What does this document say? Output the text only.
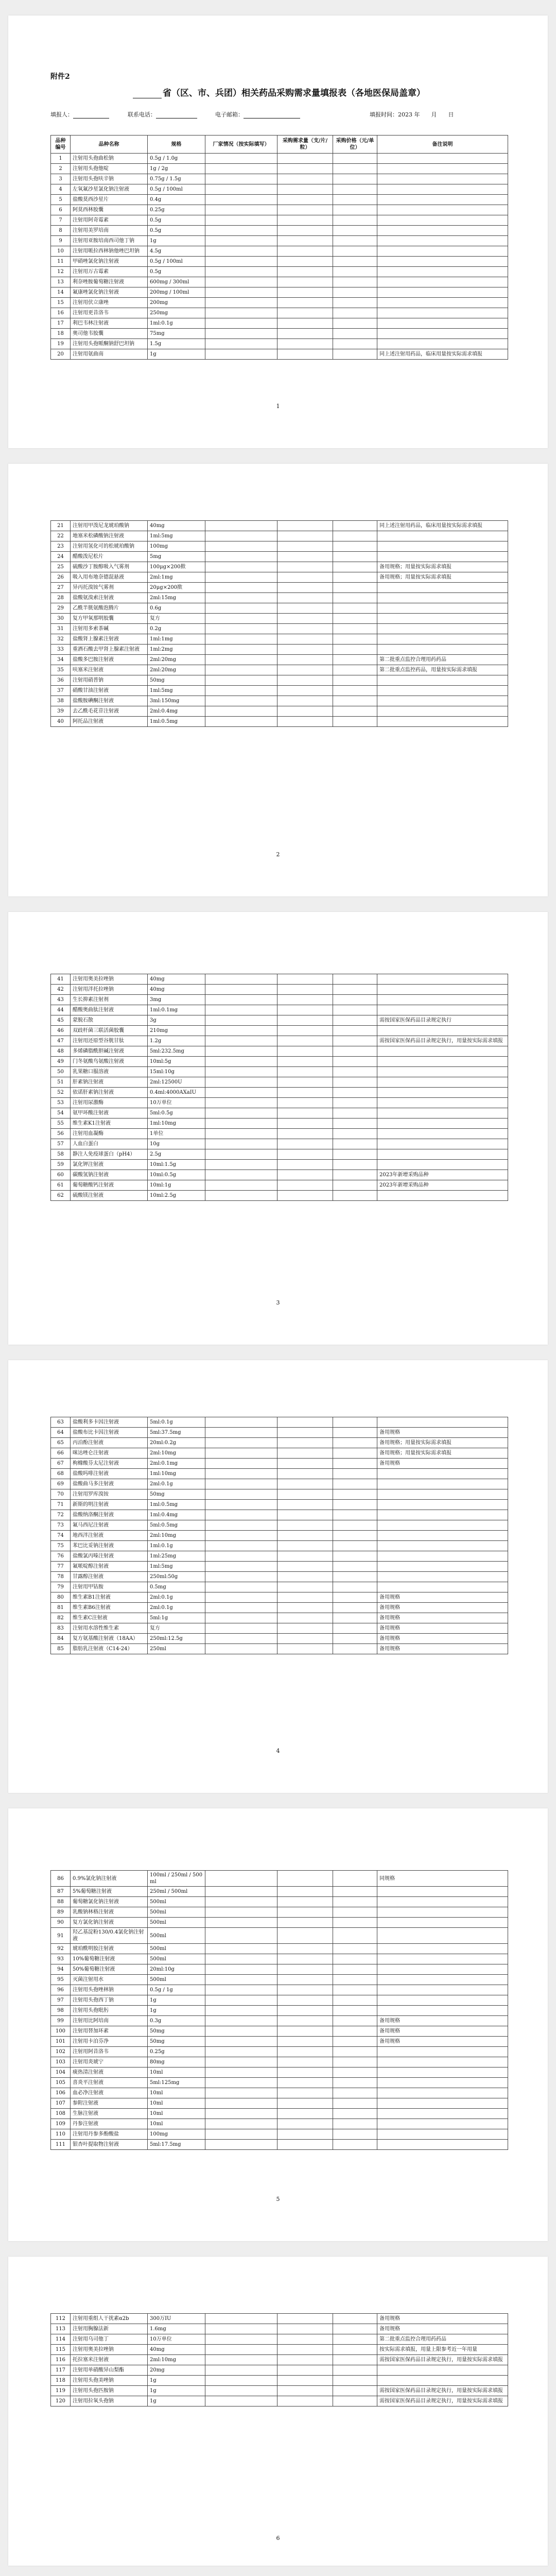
附件2
省（区、市、兵团）相关药品采购需求量填报表（各地医保局盖章）
填报人：	联系电话：	电子邮箱：	填报时间：2023 年　　月　　日
品种编号	品种名称	规格	厂家情况（按实际填写）	采购需求量（支/片/粒）	采购价格（元/单位）	备注说明
1	注射用头孢曲松钠	0.5g / 1.0g				
2	注射用头孢他啶	1g / 2g				
3	注射用头孢呋辛钠	0.75g / 1.5g				
4	左氧氟沙星氯化钠注射液	0.5g / 100ml				
5	盐酸莫西沙星片	0.4g				
6	阿莫西林胶囊	0.25g				
7	注射用阿奇霉素	0.5g				
8	注射用美罗培南	0.5g				
9	注射用亚胺培南西司他丁钠	1g				
10	注射用哌拉西林钠他唑巴坦钠	4.5g				
11	甲硝唑氯化钠注射液	0.5g / 100ml				
12	注射用万古霉素	0.5g				
13	利奈唑胺葡萄糖注射液	600mg / 300ml				
14	氟康唑氯化钠注射液	200mg / 100ml				
15	注射用伏立康唑	200mg				
16	注射用更昔洛韦	250mg				
17	利巴韦林注射液	1ml:0.1g				
18	奥司他韦胶囊	75mg				
19	注射用头孢哌酮钠舒巴坦钠	1.5g				
20	注射用氨曲南	1g				同上述注射用药品，临床用量按实际需求填报
1
21	注射用甲泼尼龙琥珀酸钠	40mg				同上述注射用药品，临床用量按实际需求填报
22	地塞米松磷酸钠注射液	1ml:5mg				
23	注射用氢化可的松琥珀酸钠	100mg				
24	醋酸泼尼松片	5mg				
25	硫酸沙丁胺醇吸入气雾剂	100μg×200揿				备用规格；用量按实际需求填报
26	吸入用布地奈德混悬液	2ml:1mg				备用规格；用量按实际需求填报
27	异丙托溴铵气雾剂	20μg×200揿				
28	盐酸氨溴索注射液	2ml:15mg				
29	乙酰半胱氨酸泡腾片	0.6g				
30	复方甲氧那明胶囊	复方				
31	注射用多索茶碱	0.2g				
32	盐酸肾上腺素注射液	1ml:1mg				
33	重酒石酸去甲肾上腺素注射液	1ml:2mg				
34	盐酸多巴胺注射液	2ml:20mg				第二批重点监控合理用药药品
35	呋塞米注射液	2ml:20mg				第二批重点监控药品，用量按实际需求填报
36	注射用硝普钠	50mg				
37	硝酸甘油注射液	1ml:5mg				
38	盐酸胺碘酮注射液	3ml:150mg				
39	去乙酰毛花苷注射液	2ml:0.4mg				
40	阿托品注射液	1ml:0.5mg				
2
41	注射用奥美拉唑钠	40mg				
42	注射用泮托拉唑钠	40mg				
43	生长抑素注射剂	3mg				
44	醋酸奥曲肽注射液	1ml:0.1mg				
45	蒙脱石散	3g				需按国家医保药品目录规定执行
46	双歧杆菌三联活菌胶囊	210mg				
47	注射用还原型谷胱甘肽	1.2g				需按国家医保药品目录规定执行，用量按实际需求填报
48	多烯磷脂酰胆碱注射液	5ml:232.5mg				
49	门冬氨酸鸟氨酸注射液	10ml:5g				
50	乳果糖口服溶液	15ml:10g				
51	肝素钠注射液	2ml:12500U				
52	依诺肝素钠注射液	0.4ml:4000AXaIU				
53	注射用尿激酶	10万单位				
54	氨甲环酸注射液	5ml:0.5g				
55	维生素K1注射液	1ml:10mg				
56	注射用血凝酶	1单位				
57	人血白蛋白	10g				
58	静注人免疫球蛋白（pH4）	2.5g				
59	氯化钾注射液	10ml:1.5g				
60	碳酸氢钠注射液	10ml:0.5g				2023年新增采购品种
61	葡萄糖酸钙注射液	10ml:1g				2023年新增采购品种
62	硫酸镁注射液	10ml:2.5g				
3
63	盐酸利多卡因注射液	5ml:0.1g				
64	盐酸布比卡因注射液	5ml:37.5mg				备用规格
65	丙泊酚注射液	20ml:0.2g				备用规格；用量按实际需求填报
66	咪达唑仑注射液	2ml:10mg				备用规格；用量按实际需求填报
67	枸橼酸芬太尼注射液	2ml:0.1mg				备用规格
68	盐酸吗啡注射液	1ml:10mg				
69	盐酸曲马多注射液	2ml:0.1g				
70	注射用罗库溴铵	50mg				
71	新斯的明注射液	1ml:0.5mg				
72	盐酸纳洛酮注射液	1ml:0.4mg				
73	氟马西尼注射液	5ml:0.5mg				
74	地西泮注射液	2ml:10mg				
75	苯巴比妥钠注射液	1ml:0.1g				
76	盐酸氯丙嗪注射液	1ml:25mg				
77	氟哌啶醇注射液	1ml:5mg				
78	甘露醇注射液	250ml:50g				
79	注射用甲钴胺	0.5mg				
80	维生素B1注射液	2ml:0.1g				备用规格
81	维生素B6注射液	2ml:0.1g				备用规格
82	维生素C注射液	5ml:1g				备用规格
83	注射用水溶性维生素	复方				备用规格
84	复方氨基酸注射液（18AA）	250ml:12.5g				备用规格
85	脂肪乳注射液（C14-24）	250ml				备用规格
4
86	0.9%氯化钠注射液	100ml / 250ml / 500ml				同规格
87	5%葡萄糖注射液	250ml / 500ml				
88	葡萄糖氯化钠注射液	500ml				
89	乳酸钠林格注射液	500ml				
90	复方氯化钠注射液	500ml				
91	羟乙基淀粉130/0.4氯化钠注射液	500ml				
92	琥珀酰明胶注射液	500ml				
93	10%葡萄糖注射液	500ml				
94	50%葡萄糖注射液	20ml:10g				
95	灭菌注射用水	500ml				
96	注射用头孢唑林钠	0.5g / 1g				
97	注射用头孢西丁钠	1g				
98	注射用头孢吡肟	1g				
99	注射用比阿培南	0.3g				备用规格
100	注射用替加环素	50mg				备用规格
101	注射用卡泊芬净	50mg				备用规格
102	注射用阿昔洛韦	0.25g				
103	注射用炎琥宁	80mg				
104	痰热清注射液	10ml				
105	喜炎平注射液	5ml:125mg				
106	血必净注射液	10ml				
107	参附注射液	10ml				
108	生脉注射液	10ml				
109	丹参注射液	10ml				
110	注射用丹参多酚酸盐	100mg				
111	银杏叶提取物注射液	5ml:17.5mg				
5
112	注射用重组人干扰素α2b	300万IU				备用规格
113	注射用胸腺法新	1.6mg				备用规格
114	注射用乌司他丁	10万单位				第二批重点监控合理用药药品
115	注射用奥美拉唑钠	40mg				按实际需求填报，用量上限参考近一年用量
116	托拉塞米注射液	2ml:10mg				需按国家医保药品目录规定执行，用量按实际需求填报
117	注射用单硝酸异山梨酯	20mg				
118	注射用头孢美唑钠	1g				
119	注射用头孢匹胺钠	1g				需按国家医保药品目录规定执行，用量按实际需求填报
120	注射用拉氧头孢钠	1g				需按国家医保药品目录规定执行，用量按实际需求填报
6
